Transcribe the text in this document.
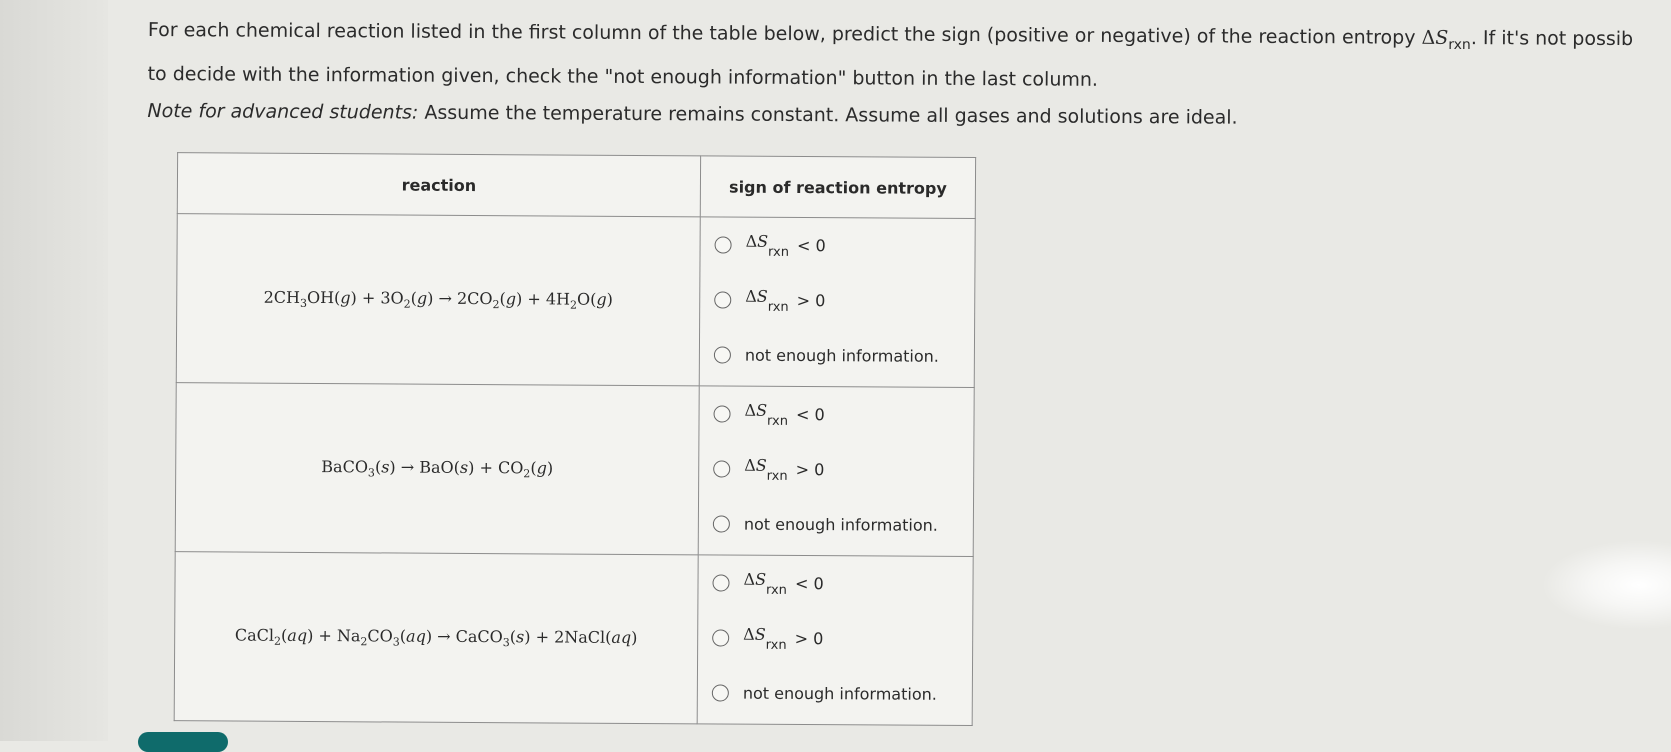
For each chemical reaction listed in the first column of the table below, predict the sign (positive or negative) of the reaction entropy $\Delta S_{rxn}$. If it's not possib
to decide with the information given, check the "not enough information" button in the last column.
Note for advanced students: Assume the temperature remains constant. Assume all gases and solutions are ideal.
reaction	sign of reaction entropy
$2CH_3OH(g) + 3O_2(g) \to 2CO_2(g) + 4H_2O(g)$	$\Delta S_{rxn} < 0$
$\Delta S_{rxn} > 0$
not enough information.

BaCO$_3$(s) → $BaO(s) + CO_2(g)$	$\Delta S_{rxn} < 0$
$\Delta S_{rxn} > 0$
not enough information.

CaCl$_2$(aq) + $Na_2CO_3(aq)$ → CaCO$_3$(s) + 2NaCl(aq)	$\Delta S_{rxn} < 0$
$\Delta S_{rxn} > 0$
not enough information.
